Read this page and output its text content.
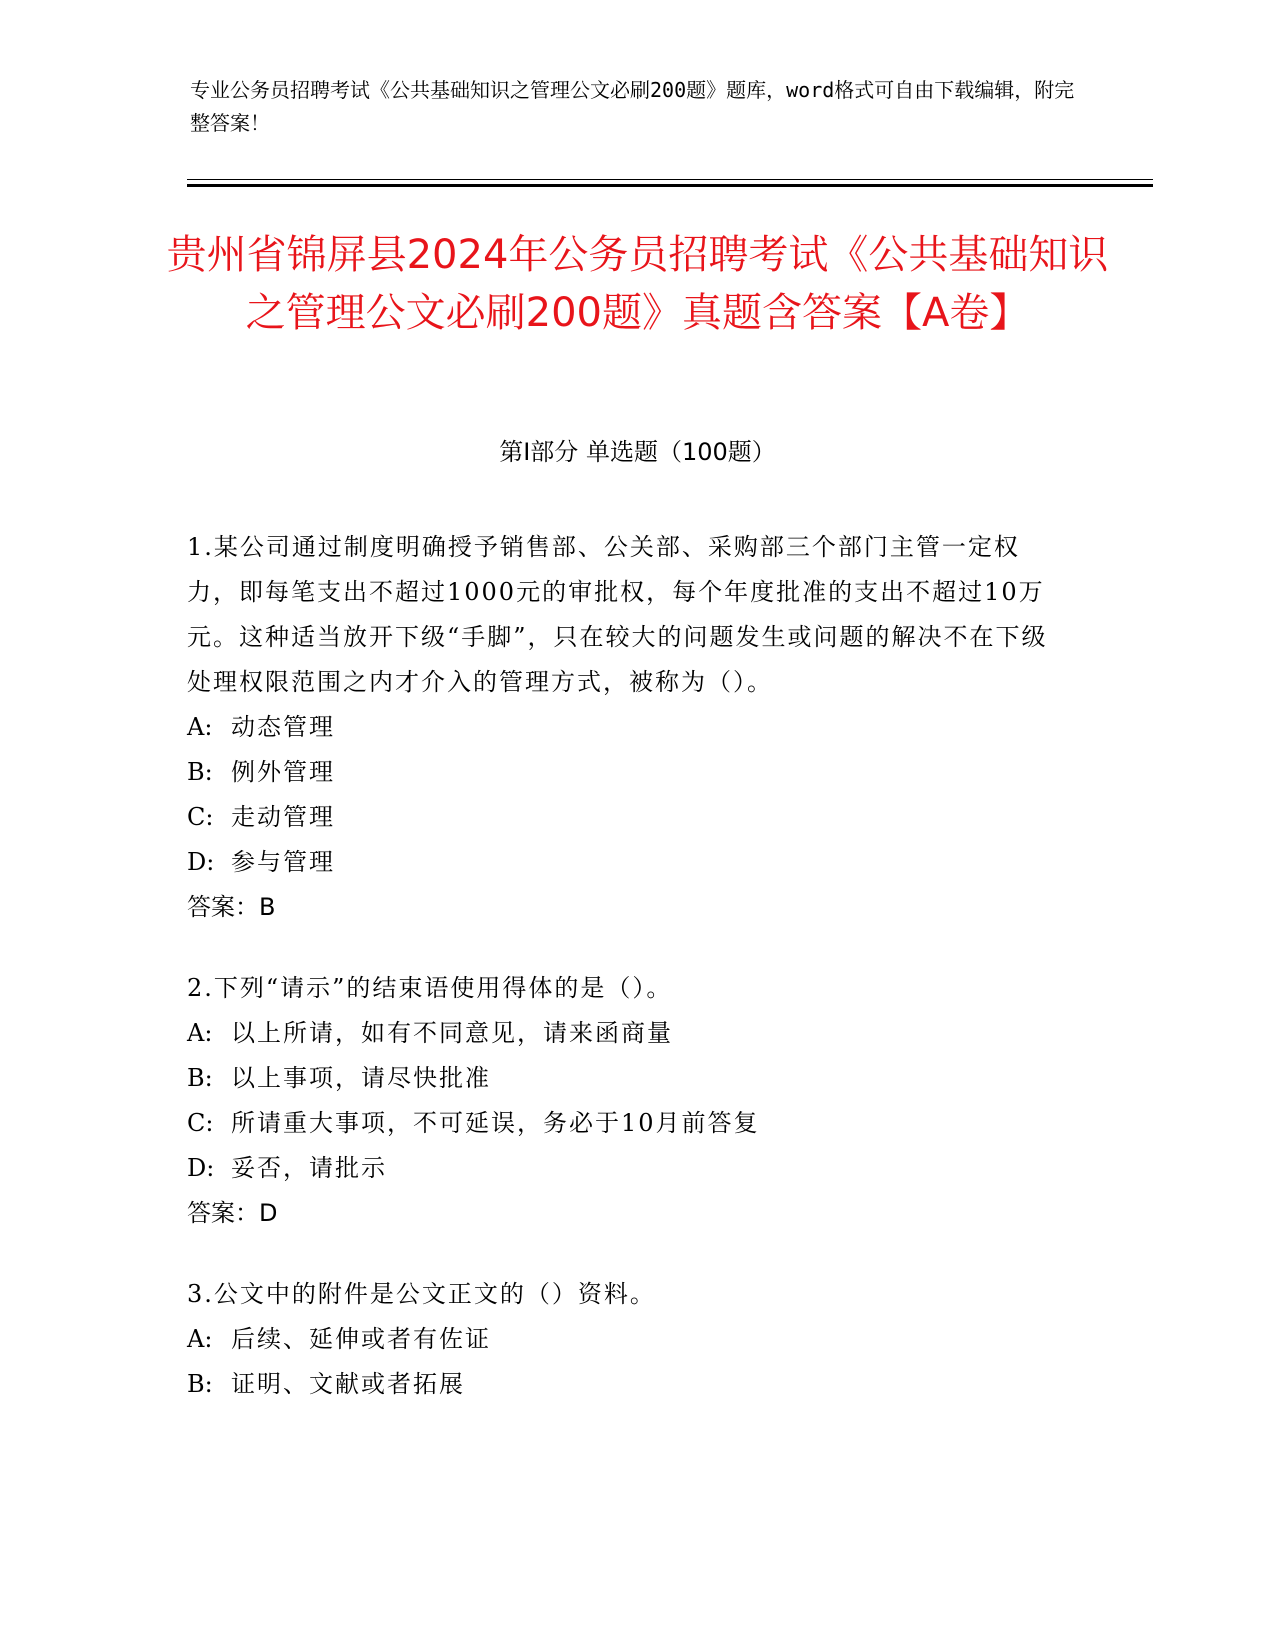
专业公务员招聘考试《公共基础知识之管理公文必刷200题》题库，word格式可自由下载编辑，附完整答案！
贵州省锦屏县2024年公务员招聘考试《公共基础知识之管理公文必刷200题》真题含答案【A卷】
第I部分 单选题（100题）
1.某公司通过制度明确授予销售部、公关部、采购部三个部门主管一定权力，即每笔支出不超过1000元的审批权，每个年度批准的支出不超过10万元。这种适当放开下级“手脚”，只在较大的问题发生或问题的解决不在下级处理权限范围之内才介入的管理方式，被称为（）。
A: 动态管理
B: 例外管理
C: 走动管理
D: 参与管理
答案：B
2.下列“请示”的结束语使用得体的是（）。
A: 以上所请，如有不同意见，请来函商量
B: 以上事项，请尽快批准
C: 所请重大事项，不可延误，务必于10月前答复
D: 妥否，请批示
答案：D
3.公文中的附件是公文正文的（）资料。
A: 后续、延伸或者有佐证
B: 证明、文献或者拓展
